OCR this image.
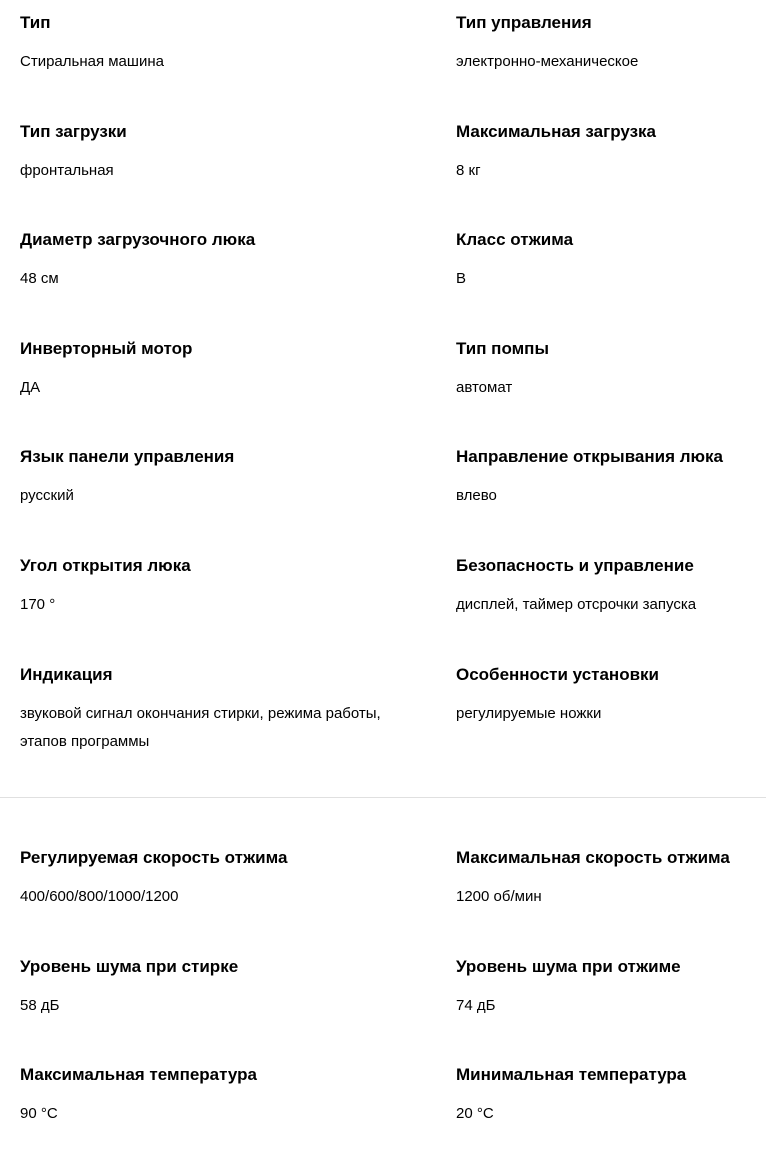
Тип
Стиральная машина
Тип управления
электронно-механическое
Тип загрузки
фронтальная
Максимальная загрузка
8 кг
Диаметр загрузочного люка
48 см
Класс отжима
B
Инверторный мотор
ДА
Тип помпы
автомат
Язык панели управления
русский
Направление открывания люка
влево
Угол открытия люка
170 °
Безопасность и управление
дисплей, таймер отсрочки запуска
Индикация
звуковой сигнал окончания стирки, режима работы, этапов программы
Особенности установки
регулируемые ножки
Регулируемая скорость отжима
400/600/800/1000/1200
Максимальная скорость отжима
1200 об/мин
Уровень шума при стирке
58 дБ
Уровень шума при отжиме
74 дБ
Максимальная температура
90 °C
Минимальная температура
20 °C
